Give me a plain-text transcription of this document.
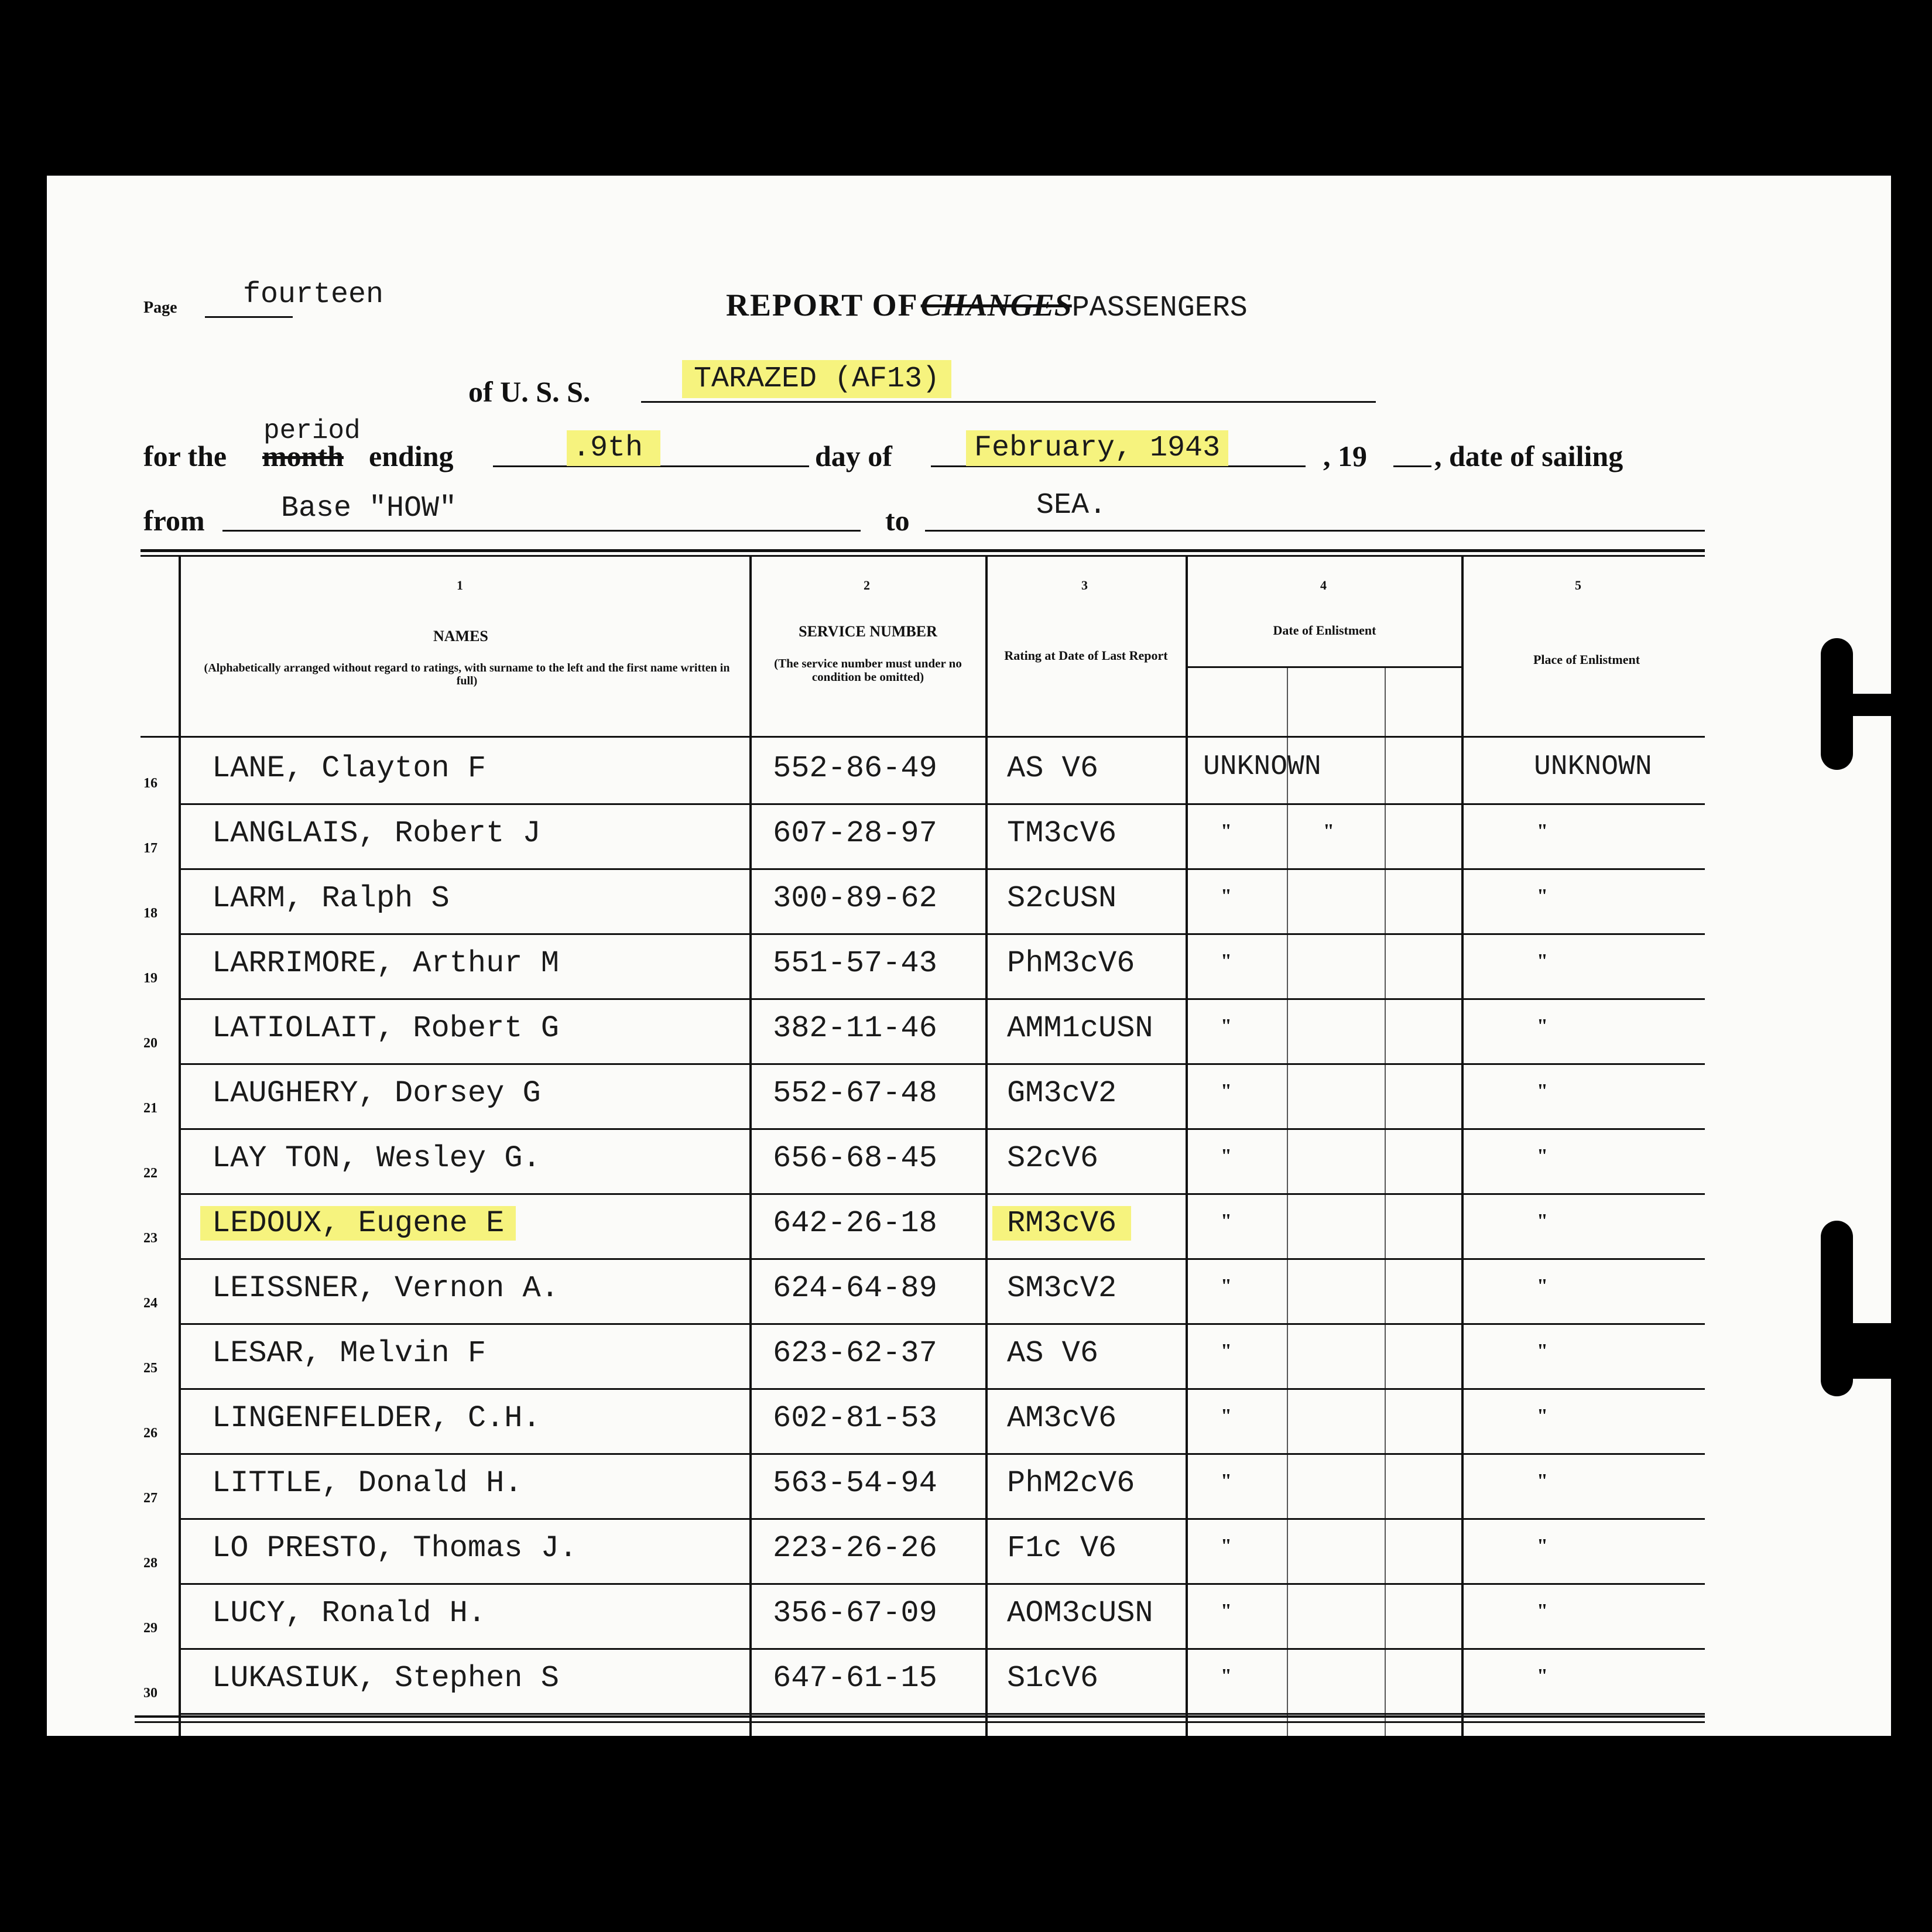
Page fourteen	REPORT OF CHANGESPASSENGERS
of U. S. S.	TARAZED (AF13)
for the month
period
ending	.9th	day of	February, 1943	, 19 , date of sailing
from	Base "HOW"	to	SEA.
1
NAMES
(Alphabetically arranged without regard to ratings, with surname to the left and the first name written in full)
2
SERVICE NUMBER
(The service number must under no condition be omitted)
3
Rating at Date of Last Report
4
Date of Enlistment
5
Place of Enlistment
16 LANE, Clayton F	552-86-49 AS V6	UNKNOWN	UNKNOWN
17 LANGLAIS, Robert J	607-28-97 TM3cV6	"	"	"
18 LARM, Ralph S	300-89-62 S2cUSN	"	"
19 LARRIMORE, Arthur M	551-57-43 PhM3cV6	"	"
20 LATIOLAIT, Robert G	382-11-46 AMM1cUSN	"	"
21 LAUGHERY, Dorsey G	552-67-48 GM3cV2	"	"
22 LAY TON, Wesley G.	656-68-45 S2cV6	"	"
23	LEDOUX, Eugene E	642-26-18	RM3cV6	"	"
24 LEISSNER, Vernon A.	624-64-89 SM3cV2	"	"
25 LESAR, Melvin F	623-62-37 AS V6	"	"
26 LINGENFELDER, C.H.	602-81-53 AM3cV6	"	"
27 LITTLE, Donald H.	563-54-94 PhM2cV6	"	"
28 LO PRESTO, Thomas J.	223-26-26 F1c V6	"	"
29 LUCY, Ronald H.	356-67-09 AOM3cUSN	"	"
30 LUKASIUK, Stephen S	647-61-15 S1cV6	"	"
